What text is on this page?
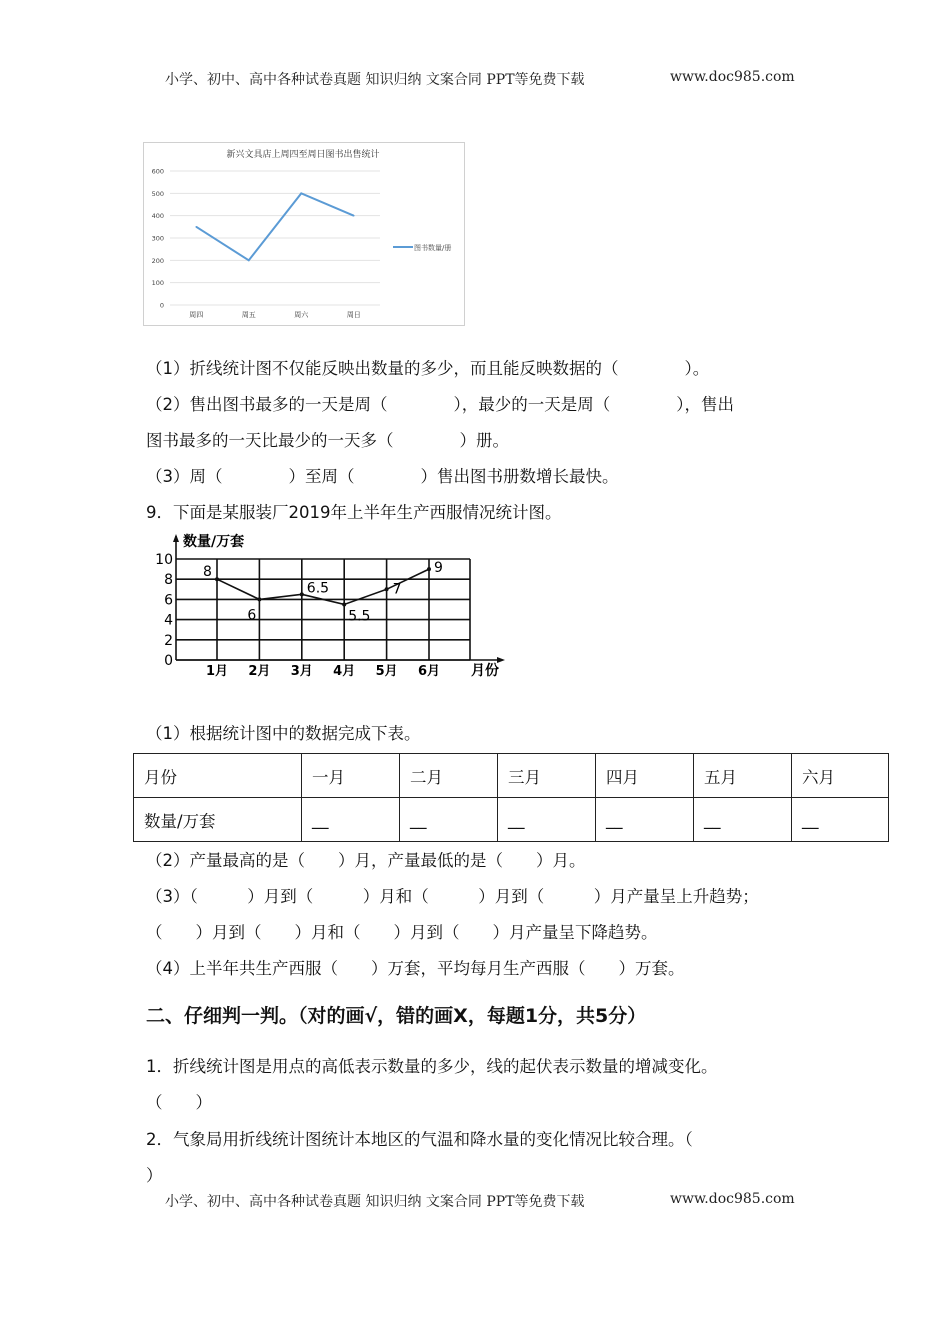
小学、初中、高中各种试卷真题 知识归纳 文案合同 PPT等免费下载	www.doc985.com
新兴文具店上周四至周日图书出售统计
0
100
200
300
400
500
600
周四	周五	周六	周日
图书数量/册
（1）折线统计图不仅能反映出数量的多少，而且能反映数据的（　　　　）。
（2）售出图书最多的一天是周（　　　　），最少的一天是周（　　　　），售出
图书最多的一天比最少的一天多（　　　　）册。
（3）周（　　　　）至周（　　　　）售出图书册数增长最快。
9．下面是某服装厂2019年上半年生产西服情况统计图。
数量/万套
月份
0
2
4
6
8
10
1月 2月 3月 4月 5月 6月
8
6
6.5
5.5
7
9
（1）根据统计图中的数据完成下表。
月份	一月	二月	三月	四月	五月	六月
数量/万套	__	__	__	__	__	__
（2）产量最高的是（　　）月，产量最低的是（　　）月。
（3）（　　　）月到（　　　）月和（　　　）月到（　　　）月产量呈上升趋势；
（　　）月到（　　）月和（　　）月到（　　）月产量呈下降趋势。
（4）上半年共生产西服（　　）万套，平均每月生产西服（　　）万套。
二、仔细判一判。（对的画√，错的画X，每题1分，共5分）
1．折线统计图是用点的高低表示数量的多少，线的起伏表示数量的增减变化。
（　　）
2．气象局用折线统计图统计本地区的气温和降水量的变化情况比较合理。（
）
小学、初中、高中各种试卷真题 知识归纳 文案合同 PPT等免费下载	www.doc985.com
